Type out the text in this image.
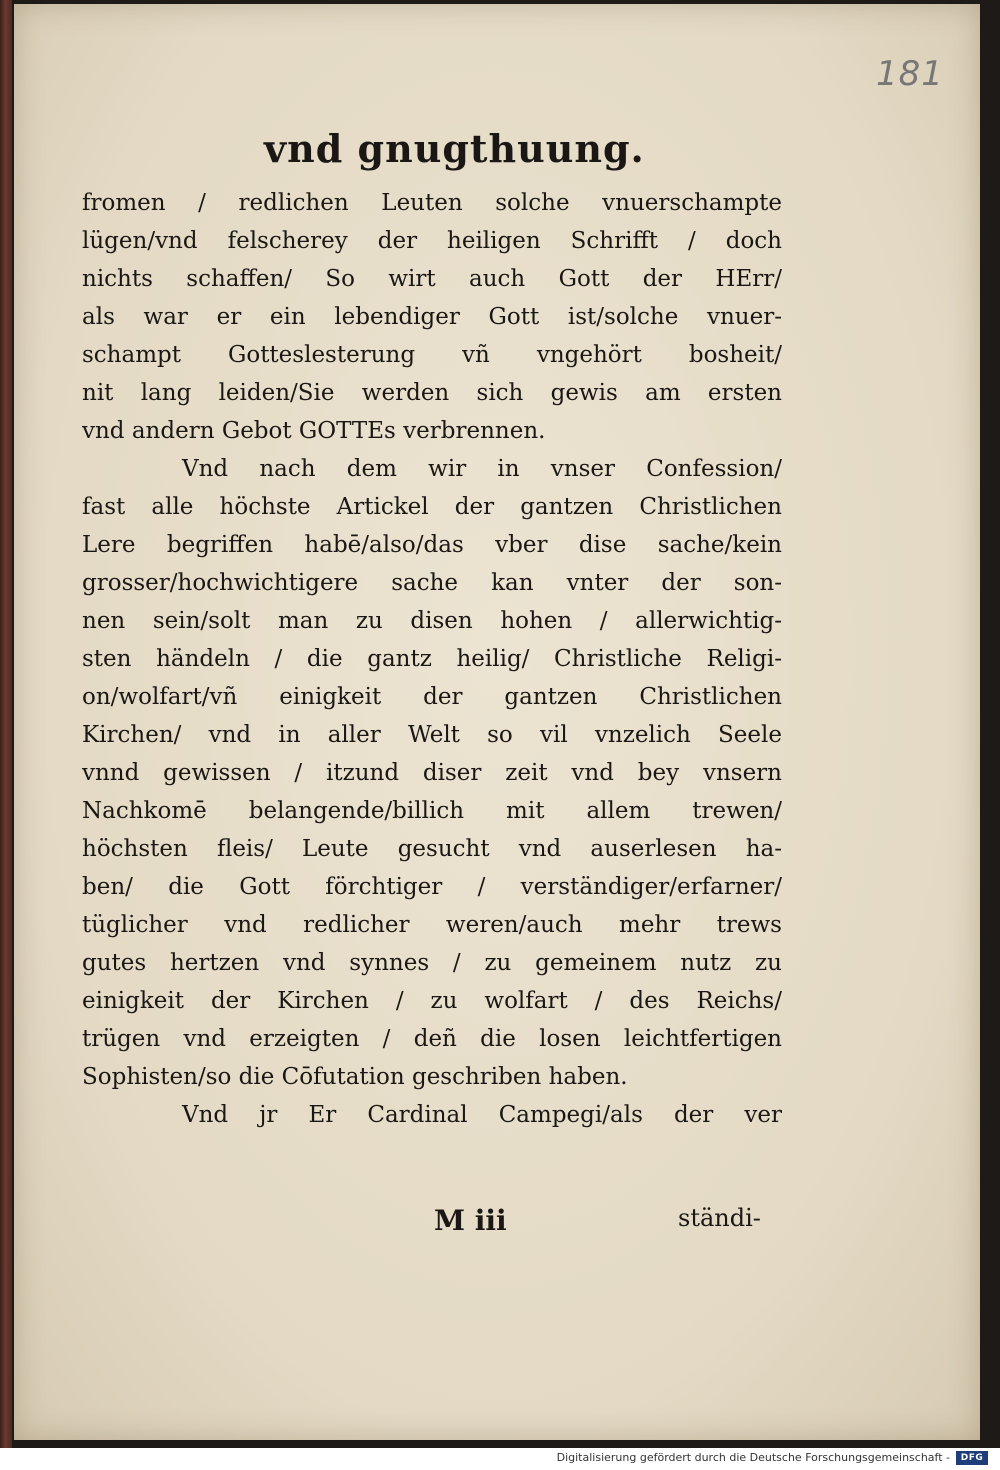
181
vnd gnugthuung.
fromen / redlichen Leuten solche vnuerschampte
lügen/vnd felscherey der heiligen Schrifft / doch
nichts schaffen/ So wirt auch Gott der HErr/
als war er ein lebendiger Gott ist/solche vnuer-
schampt Gotteslesterung vñ vngehört bosheit/
nit lang leiden/Sie werden sich gewis am ersten
vnd andern Gebot GOTTEs verbrennen.
Vnd nach dem wir in vnser Confession/
fast alle höchste Artickel der gantzen Christlichen
Lere begriffen habē/also/das vber dise sache/kein
grosser/hochwichtigere sache kan vnter der son-
nen sein/solt man zu disen hohen / allerwichtig-
sten händeln / die gantz heilig/ Christliche Religi-
on/wolfart/vñ einigkeit der gantzen Christlichen
Kirchen/ vnd in aller Welt so vil vnzelich Seele
vnnd gewissen / itzund diser zeit vnd bey vnsern
Nachkomē belangende/billich mit allem trewen/
höchsten fleis/ Leute gesucht vnd auserlesen ha-
ben/ die Gott förchtiger / verständiger/erfarner/
tüglicher vnd redlicher weren/auch mehr trews
gutes hertzen vnd synnes / zu gemeinem nutz zu
einigkeit der Kirchen / zu wolfart / des Reichs/
trügen vnd erzeigten / deñ die losen leichtfertigen
Sophisten/so die Cōfutation geschriben haben.
Vnd jr Er Cardinal Campegi/als der ver
M iii	ständi-
Digitalisierung gefördert durch die Deutsche Forschungsgemeinschaft -	DFG
